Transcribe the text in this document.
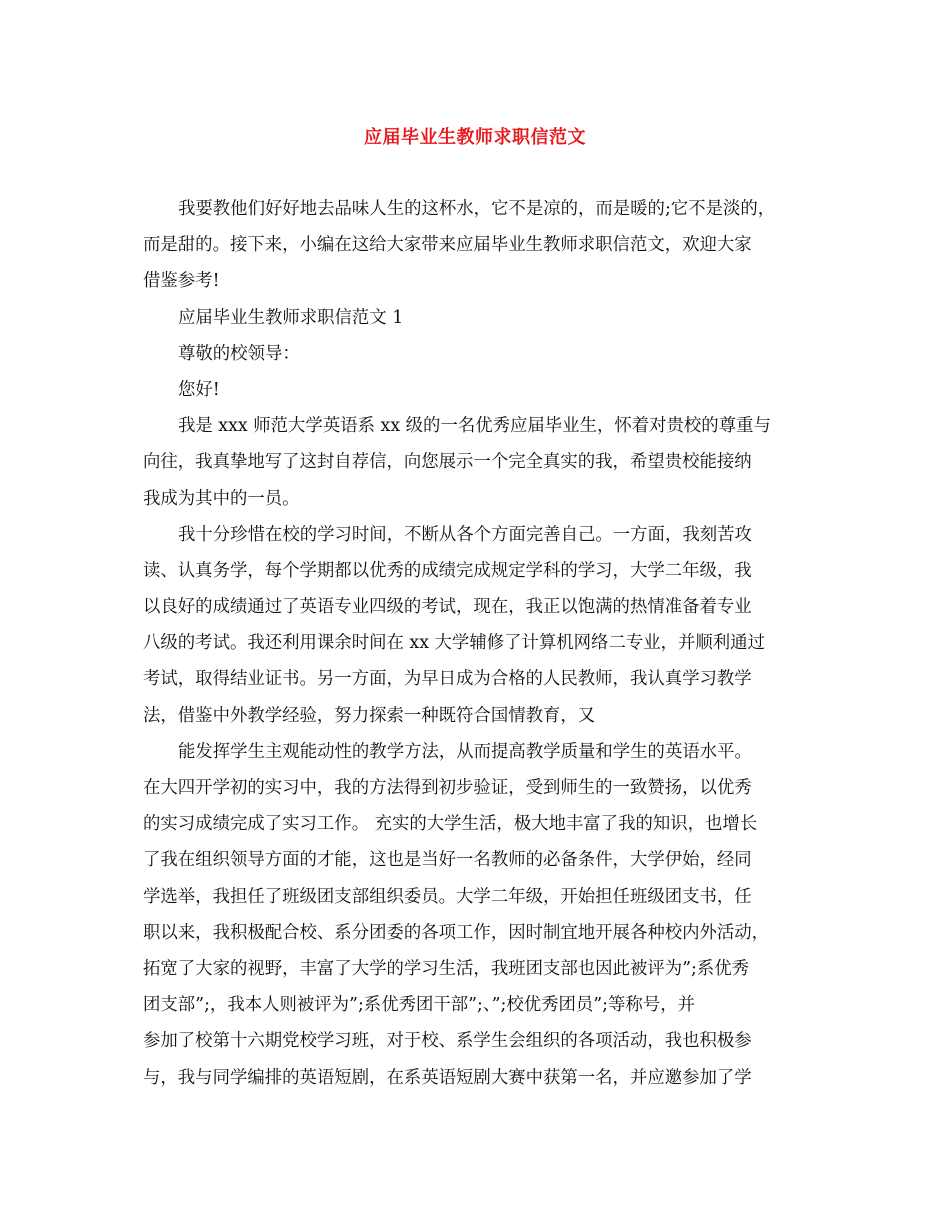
应届毕业生教师求职信范文
我要教他们好好地去品味人生的这杯水，它不是凉的，而是暖的;它不是淡的，
而是甜的。接下来，小编在这给大家带来应届毕业生教师求职信范文，欢迎大家
借鉴参考!
应届毕业生教师求职信范文 1
尊敬的校领导：
您好!
我是 xxx 师范大学英语系 xx 级的一名优秀应届毕业生，怀着对贵校的尊重与
向往，我真挚地写了这封自荐信，向您展示一个完全真实的我，希望贵校能接纳
我成为其中的一员。
我十分珍惜在校的学习时间，不断从各个方面完善自己。一方面，我刻苦攻
读、认真务学，每个学期都以优秀的成绩完成规定学科的学习，大学二年级，我
以良好的成绩通过了英语专业四级的考试，现在，我正以饱满的热情准备着专业
八级的考试。我还利用课余时间在 xx 大学辅修了计算机网络二专业，并顺利通过
考试，取得结业证书。另一方面，为早日成为合格的人民教师，我认真学习教学
法，借鉴中外教学经验，努力探索一种既符合国情教育，又
能发挥学生主观能动性的教学方法，从而提高教学质量和学生的英语水平。
在大四开学初的实习中，我的方法得到初步验证，受到师生的一致赞扬，以优秀
的实习成绩完成了实习工作。 充实的大学生活，极大地丰富了我的知识，也增长
了我在组织领导方面的才能，这也是当好一名教师的必备条件，大学伊始，经同
学选举，我担任了班级团支部组织委员。大学二年级，开始担任班级团支书，任
职以来，我积极配合校、系分团委的各项工作，因时制宜地开展各种校内外活动，
拓宽了大家的视野，丰富了大学的学习生活，我班团支部也因此被评为”;系优秀
团支部”;，我本人则被评为”;系优秀团干部”;、”;校优秀团员”;等称号，并
参加了校第十六期党校学习班，对于校、系学生会组织的各项活动，我也积极参
与，我与同学编排的英语短剧，在系英语短剧大赛中获第一名，并应邀参加了学
